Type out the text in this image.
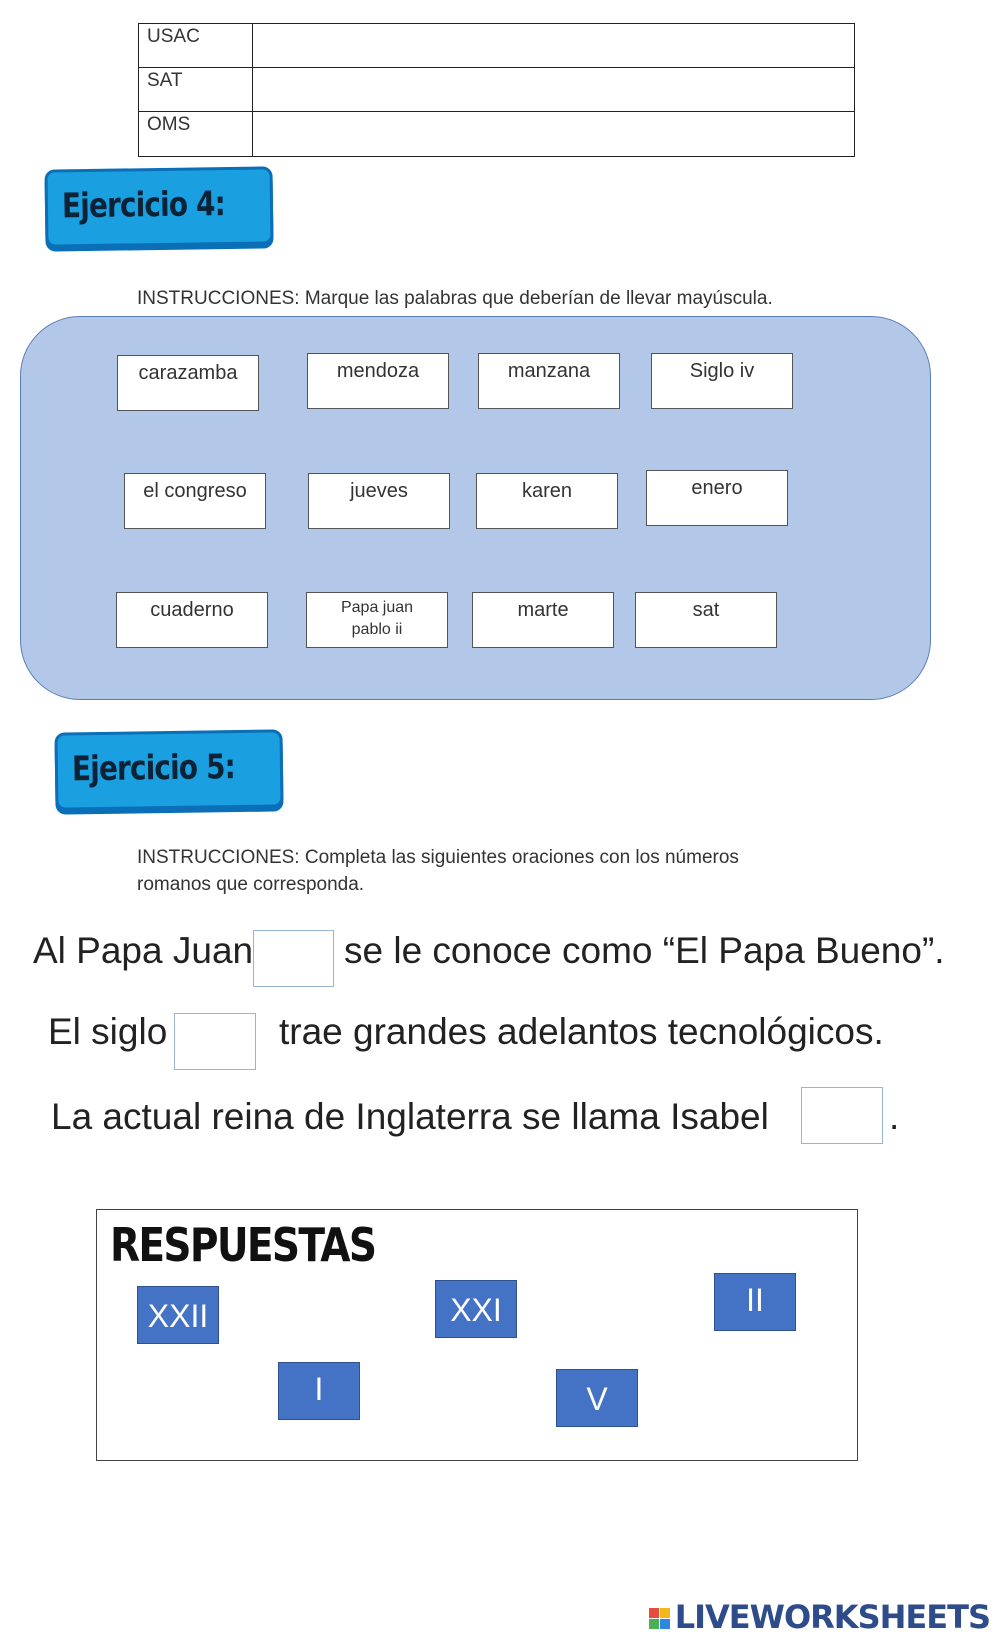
USAC
SAT
OMS
Ejercicio 4:
INSTRUCCIONES: Marque las palabras que deberían de llevar mayúscula.
carazamba	mendoza	manzana	Siglo iv
el congreso	jueves	karen	enero
cuaderno	Papa juan pablo ii
marte	sat
Ejercicio 5:
INSTRUCCIONES: Completa las siguientes oraciones con los números
romanos que corresponda.
Al Papa Juan se le conoce como “El Papa Bueno”.
El siglo	trae grandes adelantos tecnológicos.
La actual reina de Inglaterra se llama Isabel	.
RESPUESTAS
XXII	XXI	II
I	V
LIVEWORKSHEETS
